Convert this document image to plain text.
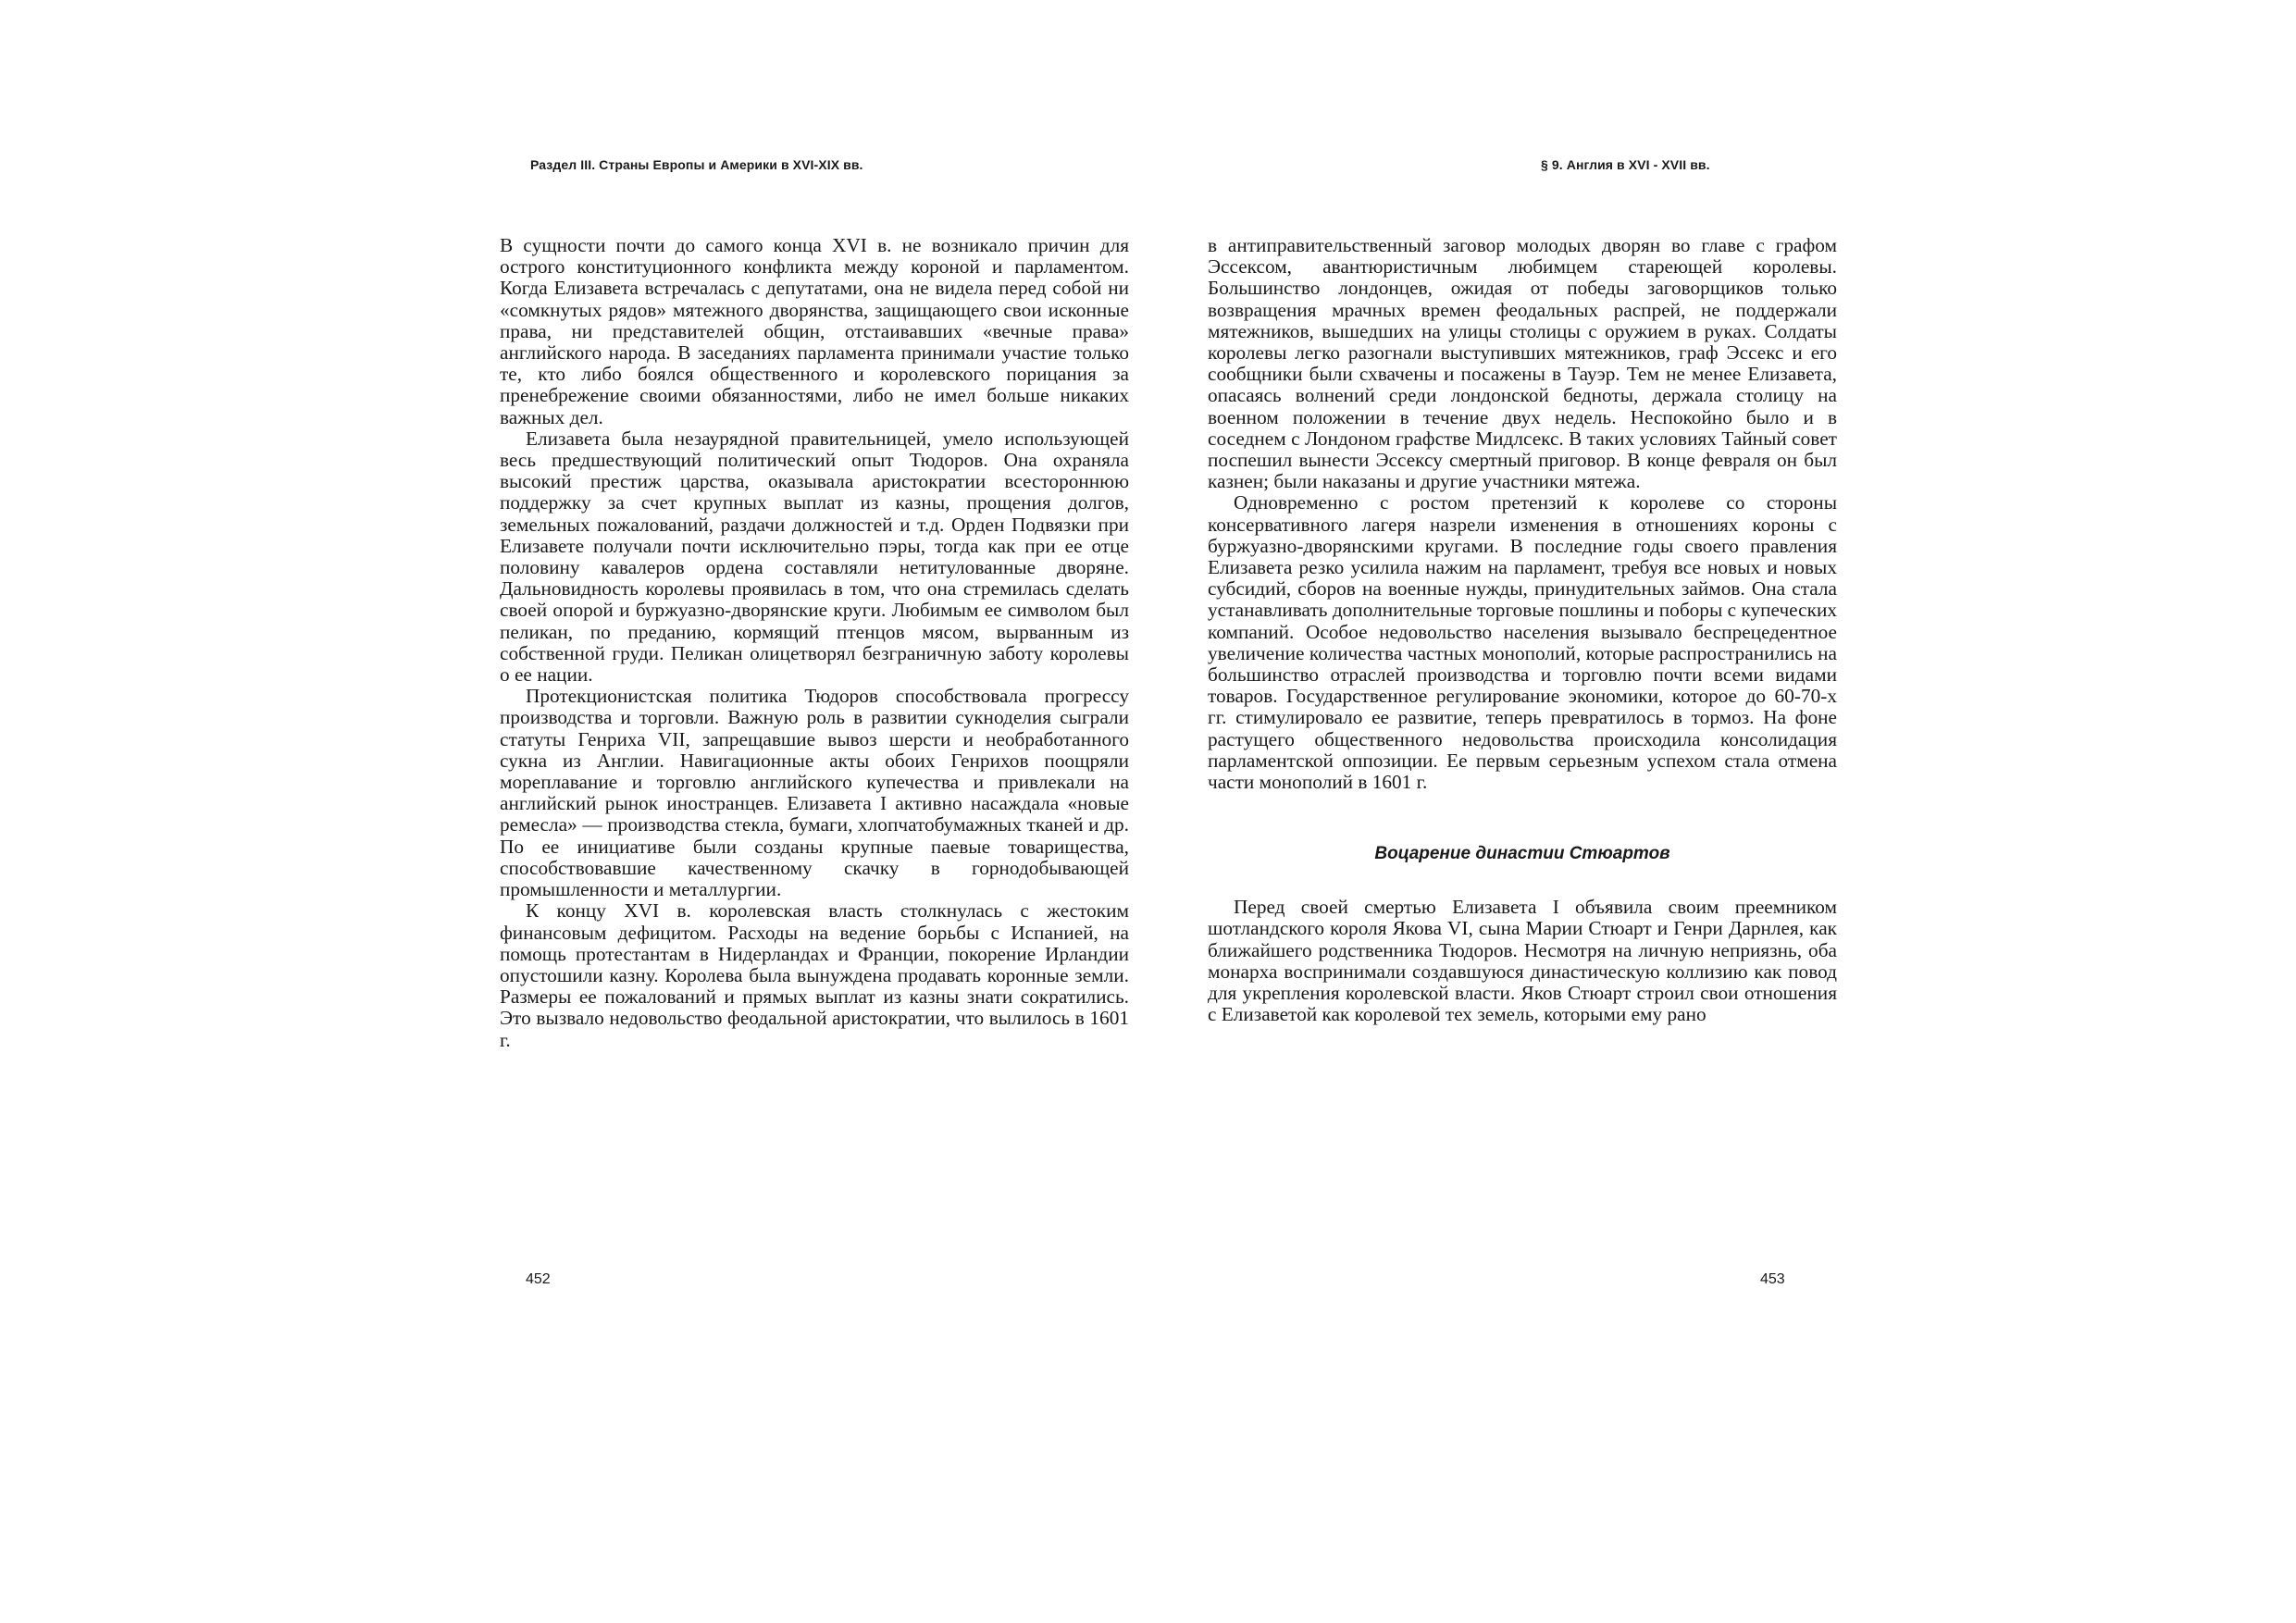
Раздел III. Страны Европы и Америки в XVI-XIX вв.

В сущности почти до самого конца XVI в. не возникало причин для острого конституционного конфликта между короной и парламентом. Когда Елизавета встречалась с депутатами, она не видела перед собой ни «сомкнутых рядов» мятежного дворянства, защищающего свои исконные права, ни представителей общин, отстаивавших «вечные права» английского народа. В заседаниях парламента принимали участие только те, кто либо боялся общественного и королевского порицания за пренебрежение своими обязанностями, либо не имел больше никаких важных дел.

Елизавета была незаурядной правительницей, умело использующей весь предшествующий политический опыт Тюдоров. Она охраняла высокий престиж царства, оказывала аристократии всестороннюю поддержку за счет крупных выплат из казны, прощения долгов, земельных пожалований, раздачи должностей и т.д. Орден Подвязки при Елизавете получали почти исключительно пэры, тогда как при ее отце половину кавалеров ордена составляли нетитулованные дворяне. Дальновидность королевы проявилась в том, что она стремилась сделать своей опорой и буржуазно-дворянские круги. Любимым ее символом был пеликан, по преданию, кормящий птенцов мясом, вырванным из собственной груди. Пеликан олицетворял безграничную заботу королевы о ее нации.

Протекционистская политика Тюдоров способствовала прогрессу производства и торговли. Важную роль в развитии сукноделия сыграли статуты Генриха VII, запрещавшие вывоз шерсти и необработанного сукна из Англии. Навигационные акты обоих Генрихов поощряли мореплавание и торговлю английского купечества и привлекали на английский рынок иностранцев. Елизавета I активно насаждала «новые ремесла» — производства стекла, бумаги, хлопчатобумажных тканей и др. По ее инициативе были созданы крупные паевые товарищества, способствовавшие качественному скачку в горнодобывающей промышленности и металлургии.

К концу XVI в. королевская власть столкнулась с жестоким финансовым дефицитом. Расходы на ведение борьбы с Испанией, на помощь протестантам в Нидерландах и Франции, покорение Ирландии опустошили казну. Королева была вынуждена продавать коронные земли. Размеры ее пожалований и прямых выплат из казны знати сократились. Это вызвало недовольство феодальной аристократии, что вылилось в 1601 г.

452
§ 9. Англия в XVI - XVII вв.

в антиправительственный заговор молодых дворян во главе с графом Эссексом, авантюристичным любимцем стареющей королевы. Большинство лондонцев, ожидая от победы заговорщиков только возвращения мрачных времен феодальных распрей, не поддержали мятежников, вышедших на улицы столицы с оружием в руках. Солдаты королевы легко разогнали выступивших мятежников, граф Эссекс и его сообщники были схвачены и посажены в Тауэр. Тем не менее Елизавета, опасаясь волнений среди лондонской бедноты, держала столицу на военном положении в течение двух недель. Неспокойно было и в соседнем с Лондоном графстве Мидлсекс. В таких условиях Тайный совет поспешил вынести Эссексу смертный приговор. В конце февраля он был казнен; были наказаны и другие участники мятежа.

Одновременно с ростом претензий к королеве со стороны консервативного лагеря назрели изменения в отношениях короны с буржуазно-дворянскими кругами. В последние годы своего правления Елизавета резко усилила нажим на парламент, требуя все новых и новых субсидий, сборов на военные нужды, принудительных займов. Она стала устанавливать дополнительные торговые пошлины и поборы с купеческих компаний. Особое недовольство населения вызывало беспрецедентное увеличение количества частных монополий, которые распространились на большинство отраслей производства и торговлю почти всеми видами товаров. Государственное регулирование экономики, которое до 60-70-х гг. стимулировало ее развитие, теперь превратилось в тормоз. На фоне растущего общественного недовольства происходила консолидация парламентской оппозиции. Ее первым серьезным успехом стала отмена части монополий в 1601 г.

Воцарение династии Стюартов

Перед своей смертью Елизавета I объявила своим преемником шотландского короля Якова VI, сына Марии Стюарт и Генри Дарнлея, как ближайшего родственника Тюдоров. Несмотря на личную неприязнь, оба монарха воспринимали создавшуюся династическую коллизию как повод для укрепления королевской власти. Яков Стюарт строил свои отношения с Елизаветой как королевой тех земель, которыми ему рано

453
